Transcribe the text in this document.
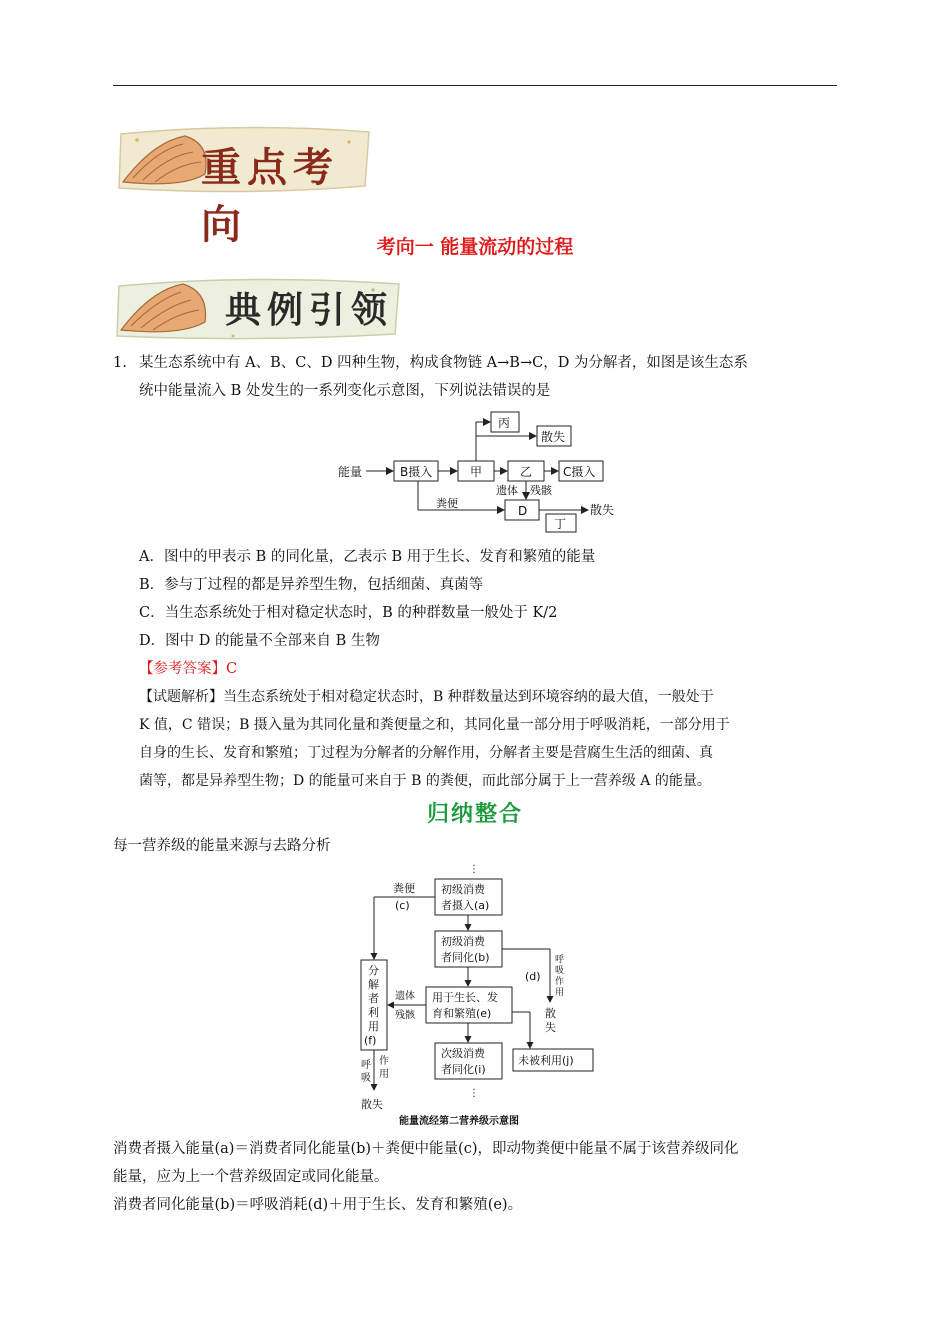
重点考向	考向一 能量流动的过程
典例引领
1. 某生态系统中有 A、B、C、D 四种生物，构成食物链 A→B→C，D 为分解者，如图是该生态系
统中能量流入 B 处发生的一系列变化示意图，下列说法错误的是
能量	B摄入	甲	乙	C摄入
丙
散失
粪便
遗体 残骸
D	散失
丁
A．图中的甲表示 B 的同化量，乙表示 B 用于生长、发育和繁殖的能量
B．参与丁过程的都是异养型生物，包括细菌、真菌等
C．当生态系统处于相对稳定状态时，B 的种群数量一般处于 K/2
D．图中 D 的能量不全部来自 B 生物
【参考答案】C
【试题解析】当生态系统处于相对稳定状态时，B 种群数量达到环境容纳的最大值，一般处于
K 值，C 错误；B 摄入量为其同化量和粪便量之和，其同化量一部分用于呼吸消耗，一部分用于
自身的生长、发育和繁殖；丁过程为分解者的分解作用，分解者主要是营腐生生活的细菌、真
菌等，都是异养型生物；D 的能量可来自于 B 的粪便，而此部分属于上一营养级 A 的能量。
归纳整合
每一营养级的能量来源与去路分析
⋮
初级消费
者摄入(a)
初级消费
者同化(b)
用于生长、发
育和繁殖(e)
次级消费
者同化(i)
⋮
分
解
者
利
用
(f)
粪便
(c)
遗体
残骸
呼
吸
作
用
散失
(d)
呼
吸
作
用
散
失
未被利用(j)
能量流经第二营养级示意图
消费者摄入能量(a)＝消费者同化能量(b)＋粪便中能量(c)，即动物粪便中能量不属于该营养级同化
能量，应为上一个营养级固定或同化能量。
消费者同化能量(b)＝呼吸消耗(d)＋用于生长、发育和繁殖(e)。
